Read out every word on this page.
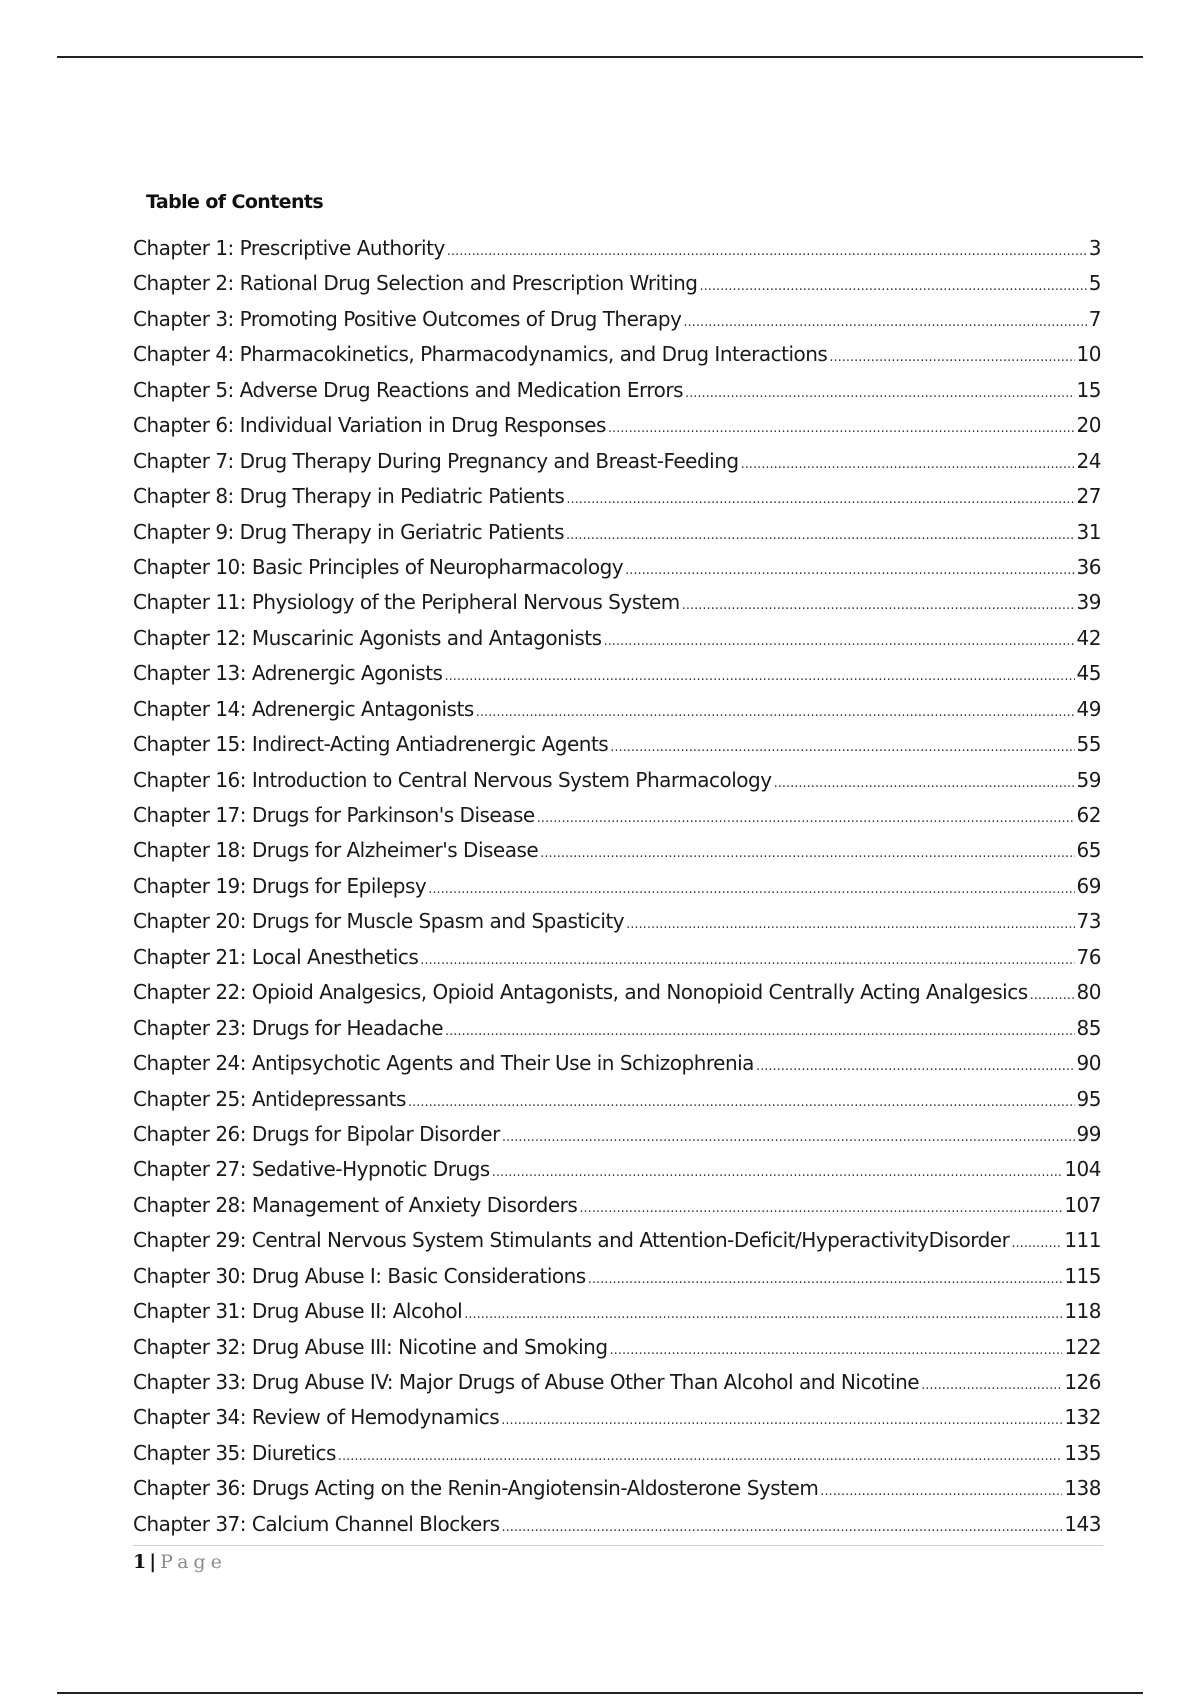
Table of Contents
Chapter 1: Prescriptive Authority .....	3
Chapter 2: Rational Drug Selection and Prescription Writing .....	5
Chapter 3: Promoting Positive Outcomes of Drug Therapy .....	7
Chapter 4: Pharmacokinetics, Pharmacodynamics, and Drug Interactions .....	10
Chapter 5: Adverse Drug Reactions and Medication Errors .....	15
Chapter 6: Individual Variation in Drug Responses .....	20
Chapter 7: Drug Therapy During Pregnancy and Breast-Feeding .....	24
Chapter 8: Drug Therapy in Pediatric Patients .....	27
Chapter 9: Drug Therapy in Geriatric Patients .....	31
Chapter 10: Basic Principles of Neuropharmacology .....	36
Chapter 11: Physiology of the Peripheral Nervous System .....	39
Chapter 12: Muscarinic Agonists and Antagonists .....	42
Chapter 13: Adrenergic Agonists .....	45
Chapter 14: Adrenergic Antagonists .....	49
Chapter 15: Indirect-Acting Antiadrenergic Agents .....	55
Chapter 16: Introduction to Central Nervous System Pharmacology .....	59
Chapter 17: Drugs for Parkinson's Disease .....	62
Chapter 18: Drugs for Alzheimer's Disease .....	65
Chapter 19: Drugs for Epilepsy .....	69
Chapter 20: Drugs for Muscle Spasm and Spasticity .....	73
Chapter 21: Local Anesthetics .....	76
Chapter 22: Opioid Analgesics, Opioid Antagonists, and Nonopioid Centrally Acting Analgesics ..... 80
Chapter 23: Drugs for Headache .....	85
Chapter 24: Antipsychotic Agents and Their Use in Schizophrenia .....	90
Chapter 25: Antidepressants .....	95
Chapter 26: Drugs for Bipolar Disorder .....	99
Chapter 27: Sedative-Hypnotic Drugs .....	104
Chapter 28: Management of Anxiety Disorders .....	107
Chapter 29: Central Nervous System Stimulants and Attention-Deficit/HyperactivityDisorder .....	111
Chapter 30: Drug Abuse I: Basic Considerations .....	115
Chapter 31: Drug Abuse II: Alcohol .....	118
Chapter 32: Drug Abuse III: Nicotine and Smoking .....	122
Chapter 33: Drug Abuse IV: Major Drugs of Abuse Other Than Alcohol and Nicotine .....	126
Chapter 34: Review of Hemodynamics .....	132
Chapter 35: Diuretics .....	135
Chapter 36: Drugs Acting on the Renin-Angiotensin-Aldosterone System .....	138
Chapter 37: Calcium Channel Blockers .....	143
1 | Page
